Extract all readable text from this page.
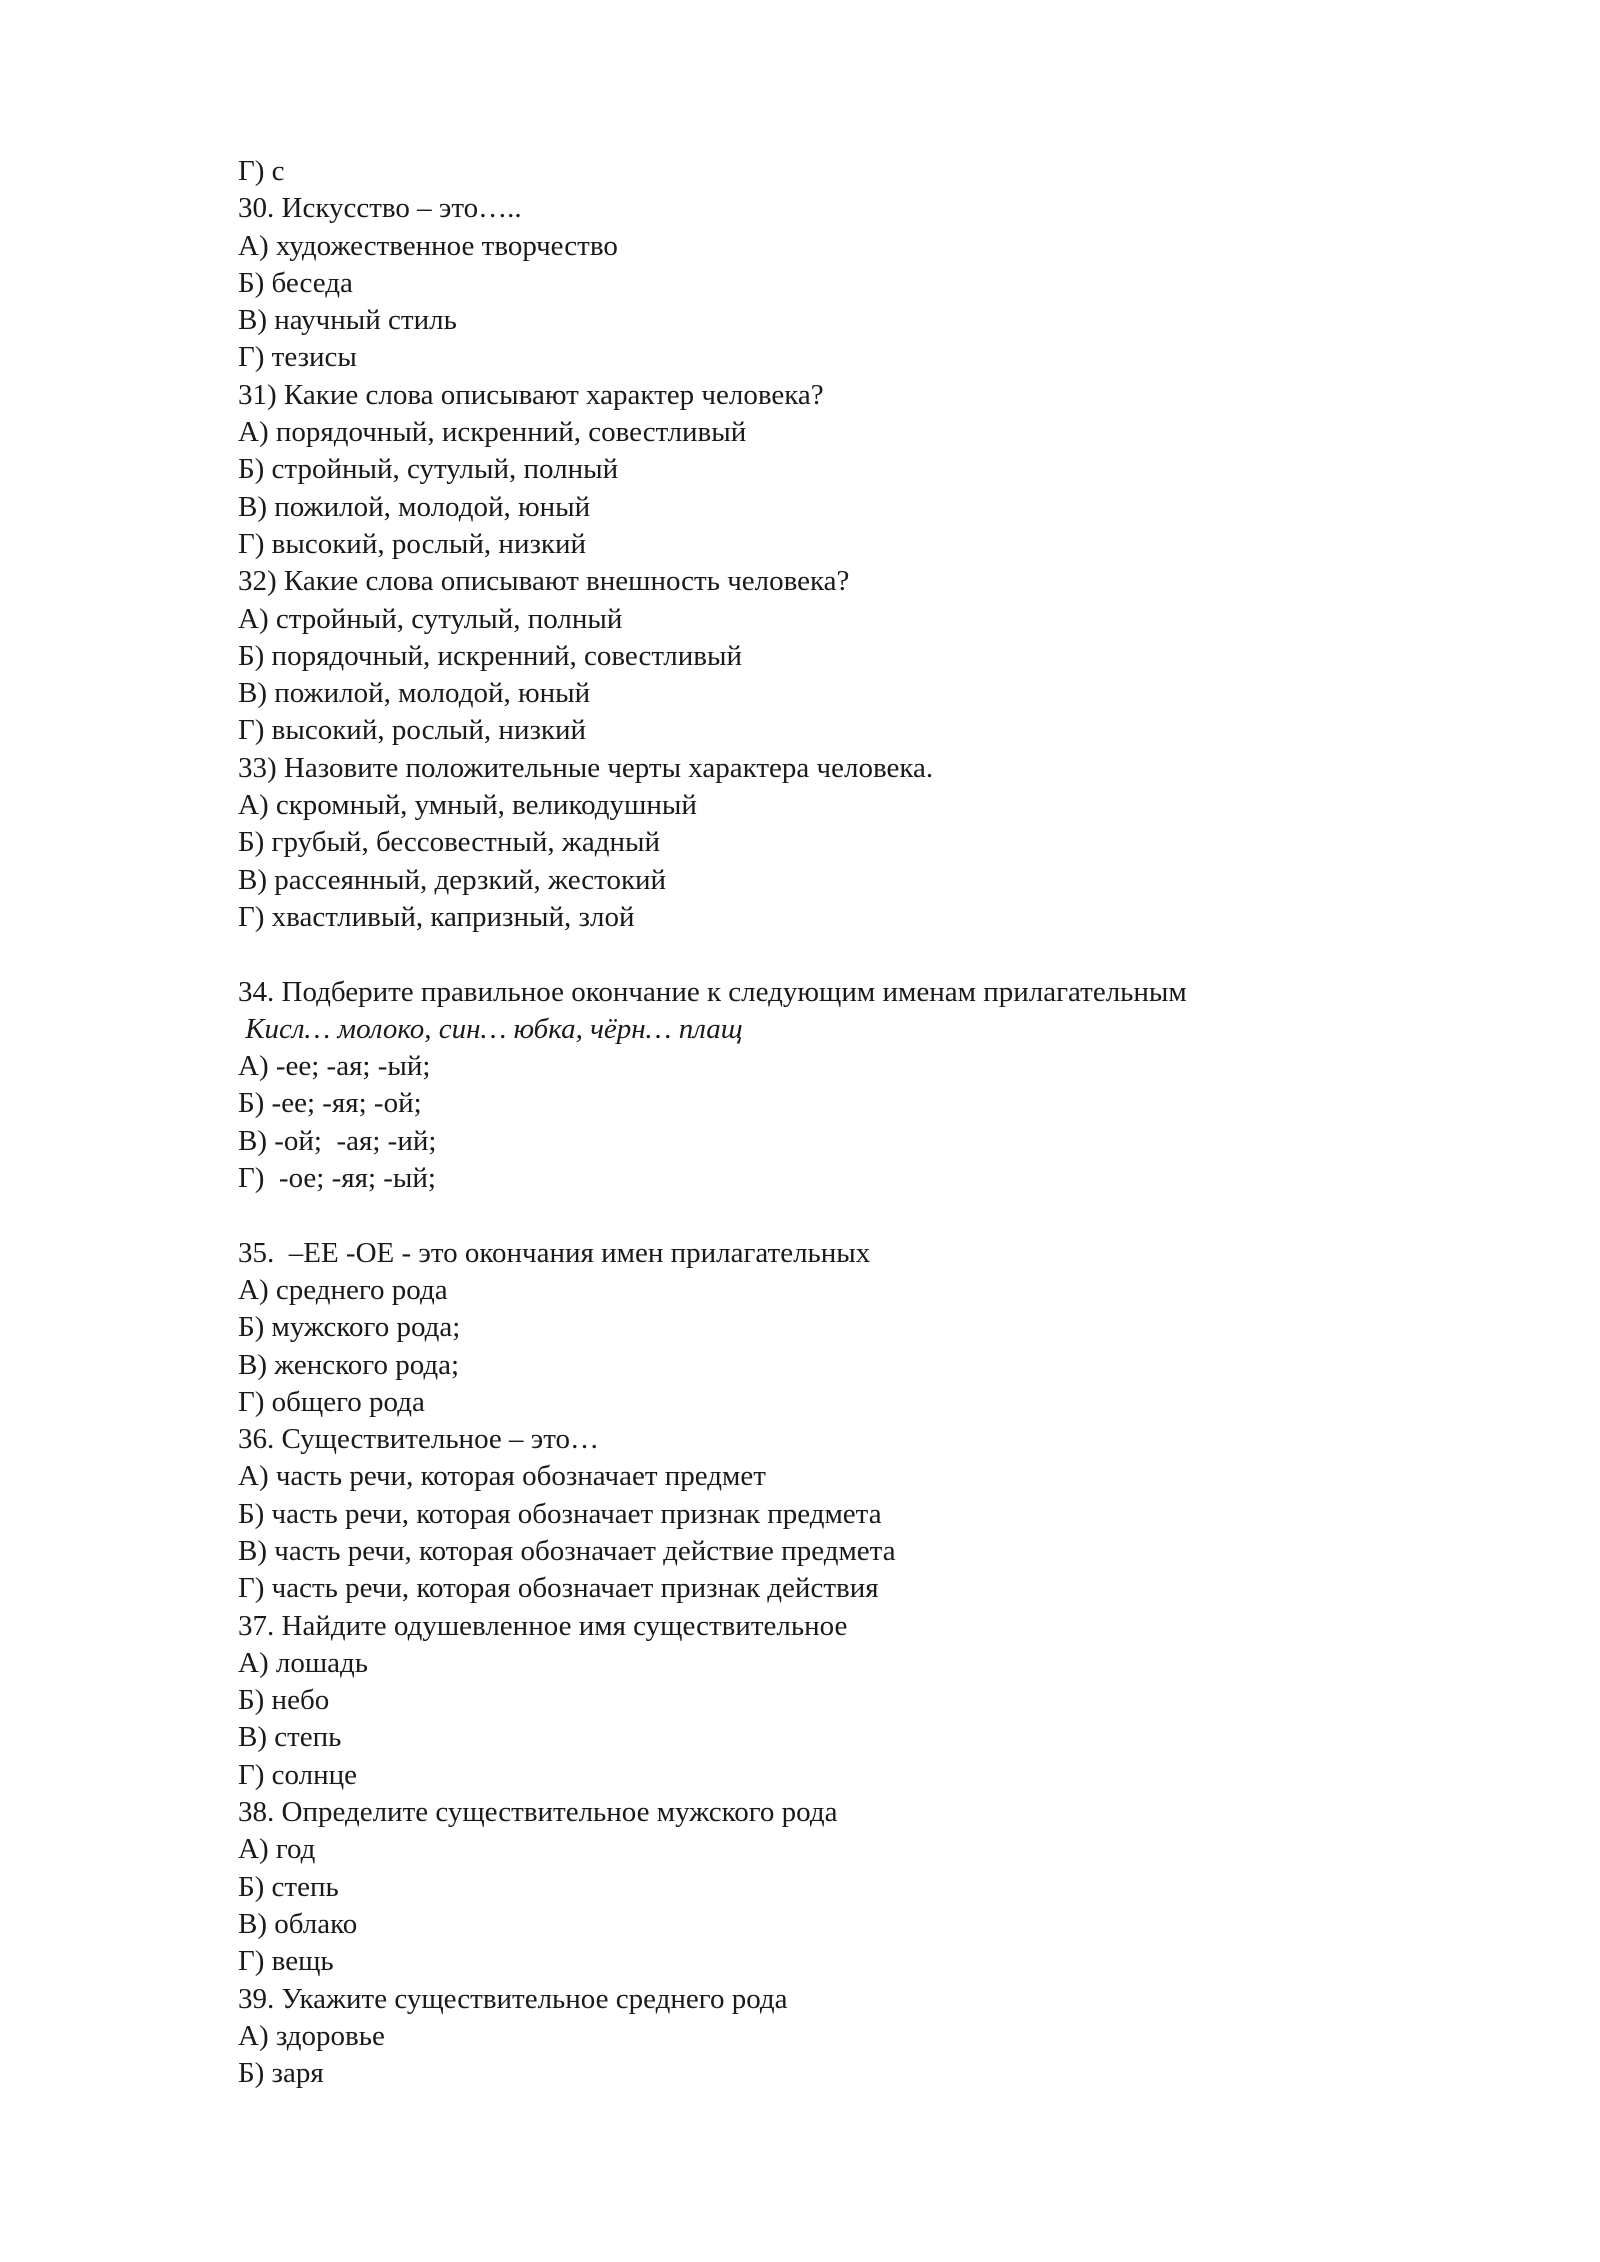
Г) с
30. Искусство – это…..
А) художественное творчество
Б) беседа
В) научный стиль
Г) тезисы
31) Какие слова описывают характер человека?
А) порядочный, искренний, совестливый
Б) стройный, сутулый, полный
В) пожилой, молодой, юный
Г) высокий, рослый, низкий
32) Какие слова описывают внешность человека?
А) стройный, сутулый, полный
Б) порядочный, искренний, совестливый
В) пожилой, молодой, юный
Г) высокий, рослый, низкий
33) Назовите положительные черты характера человека.
А) скромный, умный, великодушный
Б) грубый, бессовестный, жадный
В) рассеянный, дерзкий, жестокий
Г) хвастливый, капризный, злой
34. Подберите правильное окончание к следующим именам прилагательным
Кисл… молоко, син… юбка, чёрн… плащ
А) -ее; -ая; -ый;
Б) -ее; -яя; -ой;
В) -ой;  -ая; -ий;
Г)  -ое; -яя; -ый;
35.  –ЕЕ -ОЕ - это окончания имен прилагательных
А) среднего рода
Б) мужского рода;
В) женского рода;
Г) общего рода
36. Существительное – это…
А) часть речи, которая обозначает предмет
Б) часть речи, которая обозначает признак предмета
В) часть речи, которая обозначает действие предмета
Г) часть речи, которая обозначает признак действия
37. Найдите одушевленное имя существительное
А) лошадь
Б) небо
В) степь
Г) солнце
38. Определите существительное мужского рода
А) год
Б) степь
В) облако
Г) вещь
39. Укажите существительное среднего рода
А) здоровье
Б) заря
